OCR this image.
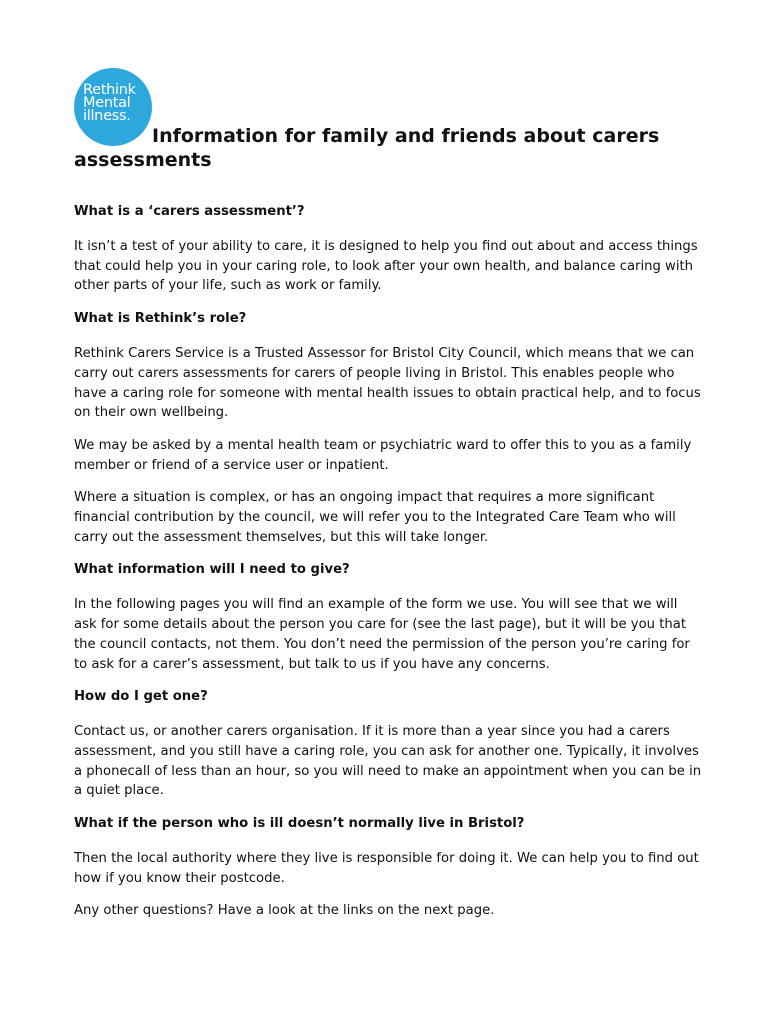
Rethink
Mental
illness.
Information for family and friends about carers assessments

What is a ‘carers assessment’?

It isn’t a test of your ability to care, it is designed to help you find out about and access things that could help you in your caring role, to look after your own health, and balance caring with other parts of your life, such as work or family.

What is Rethink’s role?

Rethink Carers Service is a Trusted Assessor for Bristol City Council, which means that we can carry out carers assessments for carers of people living in Bristol. This enables people who have a caring role for someone with mental health issues to obtain practical help, and to focus on their own wellbeing.

We may be asked by a mental health team or psychiatric ward to offer this to you as a family member or friend of a service user or inpatient.

Where a situation is complex, or has an ongoing impact that requires a more significant financial contribution by the council, we will refer you to the Integrated Care Team who will carry out the assessment themselves, but this will take longer.

What information will I need to give?

In the following pages you will find an example of the form we use. You will see that we will ask for some details about the person you care for (see the last page), but it will be you that the council contacts, not them. You don’t need the permission of the person you’re caring for to ask for a carer’s assessment, but talk to us if you have any concerns.

How do I get one?

Contact us, or another carers organisation. If it is more than a year since you had a carers assessment, and you still have a caring role, you can ask for another one. Typically, it involves a phonecall of less than an hour, so you will need to make an appointment when you can be in a quiet place.

What if the person who is ill doesn’t normally live in Bristol?

Then the local authority where they live is responsible for doing it. We can help you to find out how if you know their postcode.

Any other questions? Have a look at the links on the next page.
